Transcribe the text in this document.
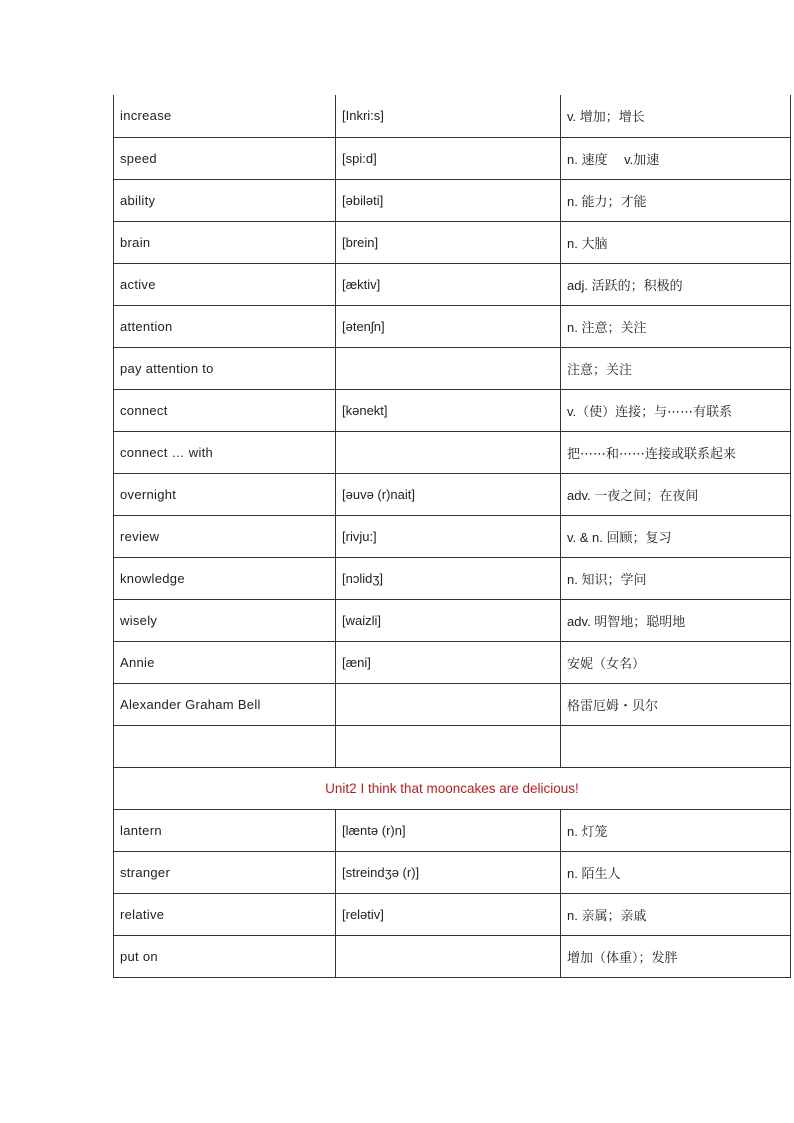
increase	[Inkri:s]	v. 增加；增长
speed	[spi:d]	n. 速度　 v.加速
ability	[əbiləti]	n. 能力；才能
brain	[brein]	n. 大脑
active	[æktiv]	adj. 活跃的；积极的
attention	[ətenʃn]	n. 注意；关注
pay attention to		注意；关注
connect	[kənekt]	v.（使）连接；与⋯⋯有联系
connect … with		把⋯⋯和⋯⋯连接或联系起来
overnight	[əuvə (r)nait]	adv. 一夜之间；在夜间
review	[rivju:]	v. & n. 回顾；复习
knowledge	[nɔlidʒ]	n. 知识；学问
wisely	[waizli]	adv. 明智地；聪明地
Annie	[æni]	安妮（女名）
Alexander Graham Bell		格雷厄姆・贝尔

Unit2 I think that mooncakes are delicious!		
lantern	[læntə (r)n]	n. 灯笼
stranger	[streindʒə (r)]	n. 陌生人
relative	[relətiv]	n. 亲属；亲戚
put on		增加（体重）；发胖
